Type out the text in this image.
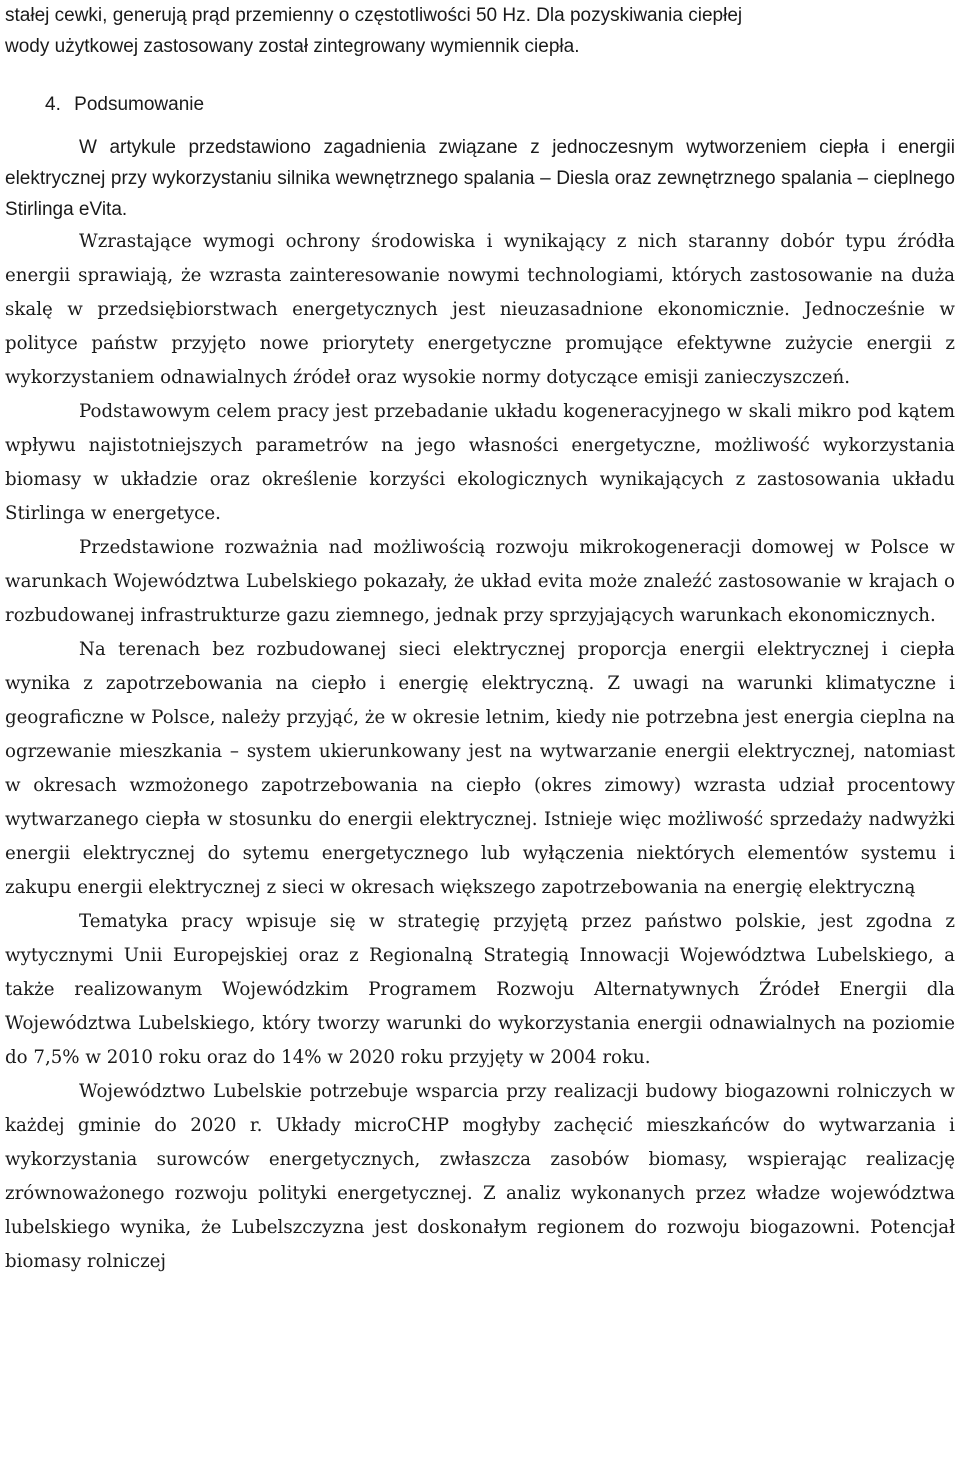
stałej cewki, generują prąd przemienny o częstotliwości 50 Hz. Dla pozyskiwania ciepłej

wody użytkowej zastosowany został zintegrowany wymiennik ciepła.

4. Podsumowanie

W artykule przedstawiono zagadnienia związane z jednoczesnym wytworzeniem ciepła i energii elektrycznej przy wykorzystaniu silnika wewnętrznego spalania – Diesla oraz zewnętrznego spalania – cieplnego Stirlinga eVita.

Wzrastające wymogi ochrony środowiska i wynikający z nich staranny dobór typu źródła energii sprawiają, że wzrasta zainteresowanie nowymi technologiami, których zastosowanie na duża skalę w przedsiębiorstwach energetycznych jest nieuzasadnione ekonomicznie. Jednocześnie w polityce państw przyjęto nowe priorytety energetyczne promujące efektywne zużycie energii z wykorzystaniem odnawialnych źródeł oraz wysokie normy dotyczące emisji zanieczyszczeń.

Podstawowym celem pracy jest przebadanie układu kogeneracyjnego w skali mikro pod kątem wpływu najistotniejszych parametrów na jego własności energetyczne, możliwość wykorzystania biomasy w układzie oraz określenie korzyści ekologicznych wynikających z zastosowania układu Stirlinga w energetyce.

Przedstawione rozważnia nad możliwością rozwoju mikrokogeneracji domowej w Polsce w warunkach Województwa Lubelskiego pokazały, że układ evita może znaleźć zastosowanie w krajach o rozbudowanej infrastrukturze gazu ziemnego, jednak przy sprzyjających warunkach ekonomicznych.

Na terenach bez rozbudowanej sieci elektrycznej proporcja energii elektrycznej i ciepła wynika z zapotrzebowania na ciepło i energię elektryczną. Z uwagi na warunki klimatyczne i geograficzne w Polsce, należy przyjąć, że w okresie letnim, kiedy nie potrzebna jest energia cieplna na ogrzewanie mieszkania – system ukierunkowany jest na wytwarzanie energii elektrycznej, natomiast w okresach wzmożonego zapotrzebowania na ciepło (okres zimowy) wzrasta udział procentowy wytwarzanego ciepła w stosunku do energii elektrycznej. Istnieje więc możliwość sprzedaży nadwyżki energii elektrycznej do sytemu energetycznego lub wyłączenia niektórych elementów systemu i zakupu energii elektrycznej z sieci w okresach większego zapotrzebowania na energię elektryczną

Tematyka pracy wpisuje się w strategię przyjętą przez państwo polskie, jest zgodna z wytycznymi Unii Europejskiej oraz z Regionalną Strategią Innowacji Województwa Lubelskiego, a także realizowanym Wojewódzkim Programem Rozwoju Alternatywnych Źródeł Energii dla Województwa Lubelskiego, który tworzy warunki do wykorzystania energii odnawialnych na poziomie do 7,5% w 2010 roku oraz do 14% w 2020 roku przyjęty w 2004 roku.

Województwo Lubelskie potrzebuje wsparcia przy realizacji budowy biogazowni rolniczych w każdej gminie do 2020 r. Układy microCHP mogłyby zachęcić mieszkańców do wytwarzania i wykorzystania surowców energetycznych, zwłaszcza zasobów biomasy, wspierając realizację zrównoważonego rozwoju polityki energetycznej. Z analiz wykonanych przez władze województwa lubelskiego wynika, że Lubelszczyzna jest doskonałym regionem do rozwoju biogazowni. Potencjał biomasy rolniczej
